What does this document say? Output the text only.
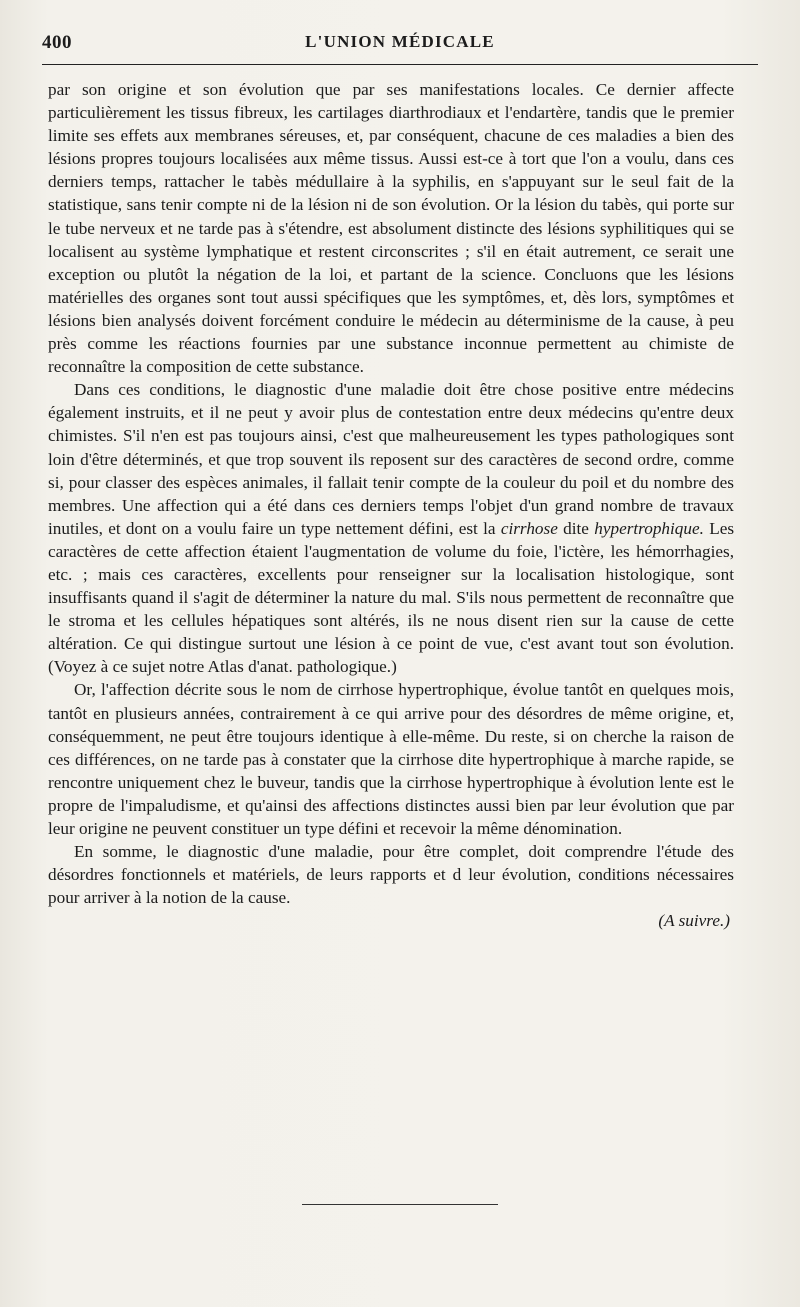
400	L'UNION MÉDICALE

par son origine et son évolution que par ses manifestations locales. Ce dernier affecte particulièrement les tissus fibreux, les cartilages diarthrodiaux et l'endartère, tandis que le premier limite ses effets aux membranes séreuses, et, par conséquent, chacune de ces maladies a bien des lésions propres toujours localisées aux même tissus. Aussi est-ce à tort que l'on a voulu, dans ces derniers temps, rattacher le tabès médullaire à la syphilis, en s'appuyant sur le seul fait de la statistique, sans tenir compte ni de la lésion ni de son évolution. Or la lésion du tabès, qui porte sur le tube nerveux et ne tarde pas à s'étendre, est absolument distincte des lésions syphilitiques qui se localisent au système lymphatique et restent circonscrites ; s'il en était autrement, ce serait une exception ou plutôt la négation de la loi, et partant de la science. Concluons que les lésions matérielles des organes sont tout aussi spécifiques que les symptômes, et, dès lors, symptômes et lésions bien analysés doivent forcément conduire le médecin au déterminisme de la cause, à peu près comme les réactions fournies par une substance inconnue permettent au chimiste de reconnaître la composition de cette substance.

Dans ces conditions, le diagnostic d'une maladie doit être chose positive entre médecins également instruits, et il ne peut y avoir plus de contestation entre deux médecins qu'entre deux chimistes. S'il n'en est pas toujours ainsi, c'est que malheureusement les types pathologiques sont loin d'être déterminés, et que trop souvent ils reposent sur des caractères de second ordre, comme si, pour classer des espèces animales, il fallait tenir compte de la couleur du poil et du nombre des membres. Une affection qui a été dans ces derniers temps l'objet d'un grand nombre de travaux inutiles, et dont on a voulu faire un type nettement défini, est la cirrhose dite hypertrophique. Les caractères de cette affection étaient l'augmentation de volume du foie, l'ictère, les hémorrhagies, etc. ; mais ces caractères, excellents pour renseigner sur la localisation histologique, sont insuffisants quand il s'agit de déterminer la nature du mal. S'ils nous permettent de reconnaître que le stroma et les cellules hépatiques sont altérés, ils ne nous disent rien sur la cause de cette altération. Ce qui distingue surtout une lésion à ce point de vue, c'est avant tout son évolution. (Voyez à ce sujet notre Atlas d'anat. pathologique.)

Or, l'affection décrite sous le nom de cirrhose hypertrophique, évolue tantôt en quelques mois, tantôt en plusieurs années, contrairement à ce qui arrive pour des désordres de même origine, et, conséquemment, ne peut être toujours identique à elle-même. Du reste, si on cherche la raison de ces différences, on ne tarde pas à constater que la cirrhose dite hypertrophique à marche rapide, se rencontre uniquement chez le buveur, tandis que la cirrhose hypertrophique à évolution lente est le propre de l'impaludisme, et qu'ainsi des affections distinctes aussi bien par leur évolution que par leur origine ne peuvent constituer un type défini et recevoir la même dénomination.

En somme, le diagnostic d'une maladie, pour être complet, doit comprendre l'étude des désordres fonctionnels et matériels, de leurs rapports et d leur évolution, conditions nécessaires pour arriver à la notion de la cause.

(A suivre.)
